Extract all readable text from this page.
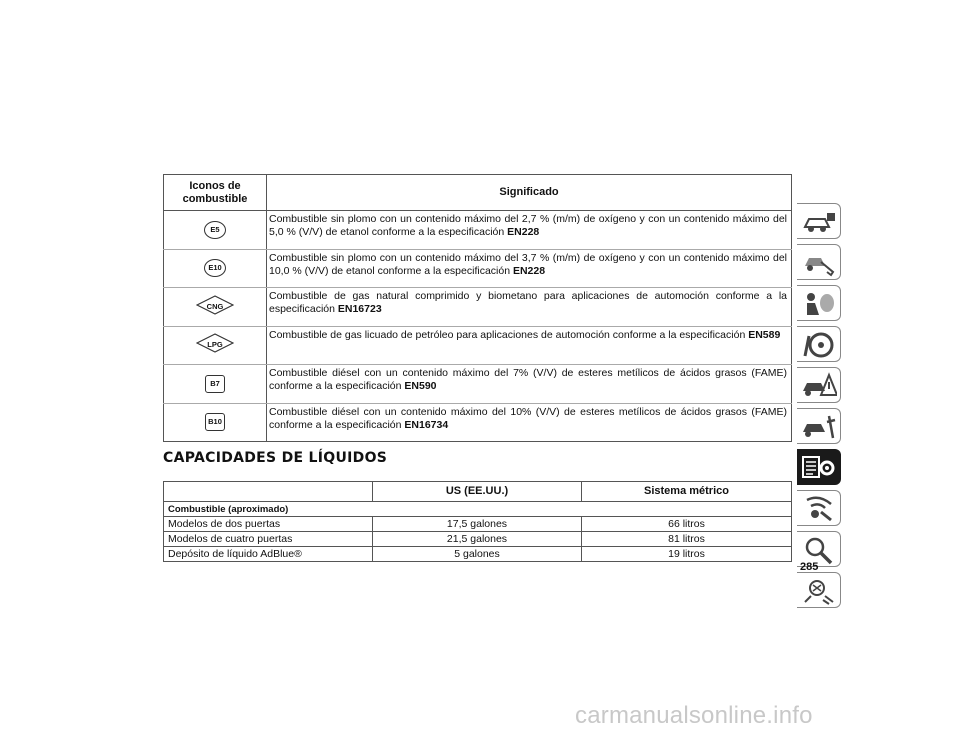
Iconos de combustible	Significado
E5	Combustible sin plomo con un contenido máximo del 2,7 % (m/m) de oxígeno y con un contenido máximo del 5,0 % (V/V) de etanol conforme a la especificación EN228
E10	Combustible sin plomo con un contenido máximo del 3,7 % (m/m) de oxígeno y con un contenido máximo del 10,0 % (V/V) de etanol conforme a la especificación EN228

CNG	Combustible de gas natural comprimido y biometano para aplicaciones de automoción conforme a la especificación EN16723

LPG	Combustible de gas licuado de petróleo para aplicaciones de automoción conforme a la especificación EN589
B7	Combustible diésel con un contenido máximo del 7% (V/V) de esteres metílicos de ácidos grasos (FAME) conforme a la especificación EN590
B10	Combustible diésel con un contenido máximo del 10% (V/V) de esteres metílicos de ácidos grasos (FAME) conforme a la especificación EN16734
CAPACIDADES DE LÍQUIDOS
	US (EE.UU.)	Sistema métrico
Combustible (aproximado)		
Modelos de dos puertas	17,5 galones	66 litros
Modelos de cuatro puertas	21,5 galones	81 litros
Depósito de líquido AdBlue®	5 galones	19 litros
285
carmanualsonline.info
